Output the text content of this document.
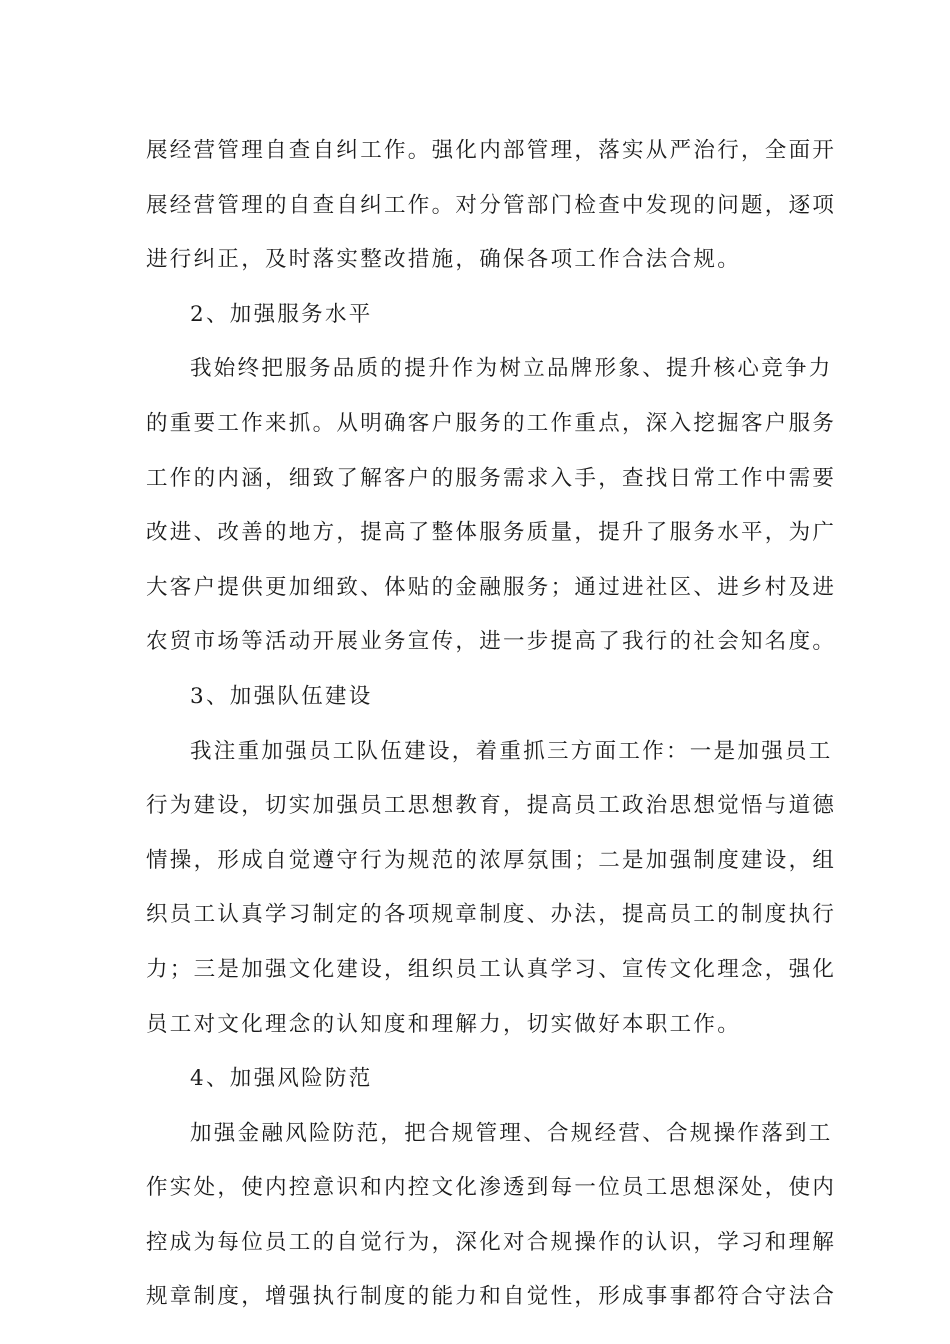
展经营管理自查自纠工作。强化内部管理，落实从严治行，全面开
展经营管理的自查自纠工作。对分管部门检查中发现的问题，逐项
进行纠正，及时落实整改措施，确保各项工作合法合规。
2、加强服务水平
我始终把服务品质的提升作为树立品牌形象、提升核心竞争力
的重要工作来抓。从明确客户服务的工作重点，深入挖掘客户服务
工作的内涵，细致了解客户的服务需求入手，查找日常工作中需要
改进、改善的地方，提高了整体服务质量，提升了服务水平，为广
大客户提供更加细致、体贴的金融服务；通过进社区、进乡村及进
农贸市场等活动开展业务宣传，进一步提高了我行的社会知名度。
3、加强队伍建设
我注重加强员工队伍建设，着重抓三方面工作：一是加强员工
行为建设，切实加强员工思想教育，提高员工政治思想觉悟与道德
情操，形成自觉遵守行为规范的浓厚氛围；二是加强制度建设，组
织员工认真学习制定的各项规章制度、办法，提高员工的制度执行
力；三是加强文化建设，组织员工认真学习、宣传文化理念，强化
员工对文化理念的认知度和理解力，切实做好本职工作。
4、加强风险防范
加强金融风险防范，把合规管理、合规经营、合规操作落到工
作实处，使内控意识和内控文化渗透到每一位员工思想深处，使内
控成为每位员工的自觉行为，深化对合规操作的认识，学习和理解
规章制度，增强执行制度的能力和自觉性，形成事事都符合守法合
